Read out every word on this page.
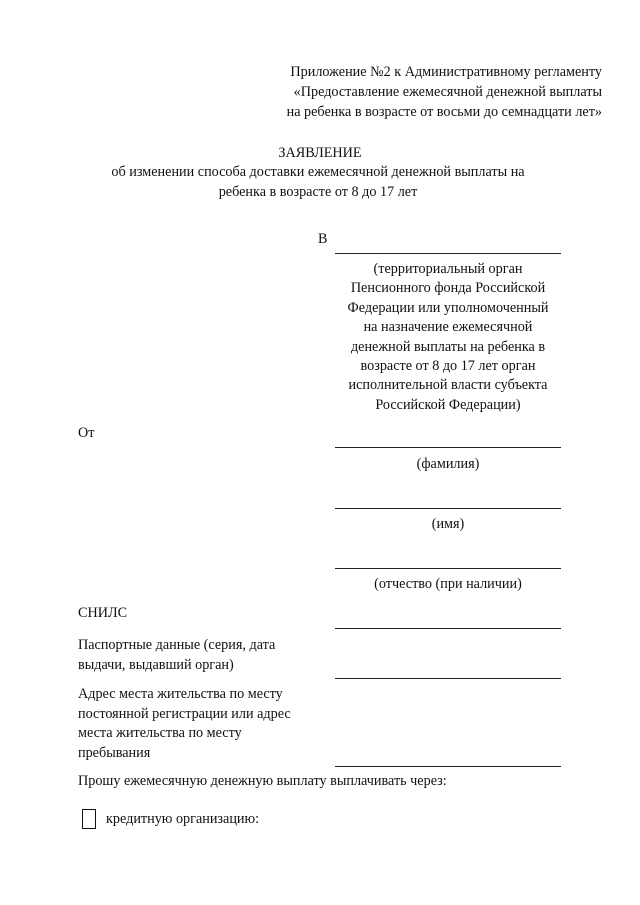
Приложение №2 к Административному регламенту
«Предоставление ежемесячной денежной выплаты
на ребенка в возрасте от восьми до семнадцати лет»
ЗАЯВЛЕНИЕ
об изменении способа доставки ежемесячной денежной выплаты на
ребенка в возрасте от 8 до 17 лет
В
(территориальный орган
Пенсионного фонда Российской
Федерации или уполномоченный
на назначение ежемесячной
денежной выплаты на ребенка в
возрасте от 8 до 17 лет орган
исполнительной власти субъекта
Российской Федерации)
От
(фамилия)
(имя)
(отчество (при наличии)
СНИЛС
Паспортные данные (серия, дата
выдачи, выдавший орган)
Адрес места жительства по месту
постоянной регистрации или адрес
места жительства по месту
пребывания
Прошу ежемесячную денежную выплату выплачивать через:
кредитную организацию:
